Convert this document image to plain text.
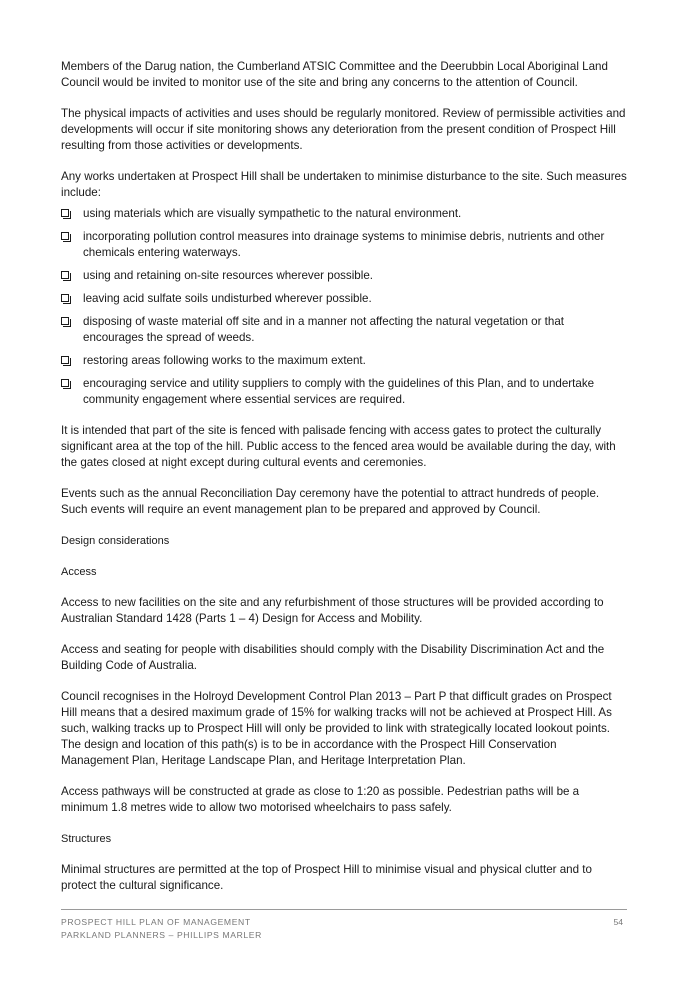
Members of the Darug nation, the Cumberland ATSIC Committee and the Deerubbin Local Aboriginal Land Council would be invited to monitor use of the site and bring any concerns to the attention of Council.

The physical impacts of activities and uses should be regularly monitored. Review of permissible activities and developments will occur if site monitoring shows any deterioration from the present condition of Prospect Hill resulting from those activities or developments.

Any works undertaken at Prospect Hill shall be undertaken to minimise disturbance to the site. Such measures include:

using materials which are visually sympathetic to the natural environment.
incorporating pollution control measures into drainage systems to minimise debris, nutrients and other chemicals entering waterways.
using and retaining on-site resources wherever possible.
leaving acid sulfate soils undisturbed wherever possible.
disposing of waste material off site and in a manner not affecting the natural vegetation or that encourages the spread of weeds.
restoring areas following works to the maximum extent.
encouraging service and utility suppliers to comply with the guidelines of this Plan, and to undertake community engagement where essential services are required.

It is intended that part of the site is fenced with palisade fencing with access gates to protect the culturally significant area at the top of the hill. Public access to the fenced area would be available during the day, with the gates closed at night except during cultural events and ceremonies.

Events such as the annual Reconciliation Day ceremony have the potential to attract hundreds of people. Such events will require an event management plan to be prepared and approved by Council.

Design considerations
Access

Access to new facilities on the site and any refurbishment of those structures will be provided according to Australian Standard 1428 (Parts 1 – 4) Design for Access and Mobility.

Access and seating for people with disabilities should comply with the Disability Discrimination Act and the Building Code of Australia.

Council recognises in the Holroyd Development Control Plan 2013 – Part P that difficult grades on Prospect Hill means that a desired maximum grade of 15% for walking tracks will not be achieved at Prospect Hill. As such, walking tracks up to Prospect Hill will only be provided to link with strategically located lookout points. The design and location of this path(s) is to be in accordance with the Prospect Hill Conservation Management Plan, Heritage Landscape Plan, and Heritage Interpretation Plan.

Access pathways will be constructed at grade as close to 1:20 as possible. Pedestrian paths will be a minimum 1.8 metres wide to allow two motorised wheelchairs to pass safely.

Structures

Minimal structures are permitted at the top of Prospect Hill to minimise visual and physical clutter and to protect the cultural significance.

PROSPECT HILL PLAN OF MANAGEMENT
PARKLAND PLANNERS – PHILLIPS MARLER
54
